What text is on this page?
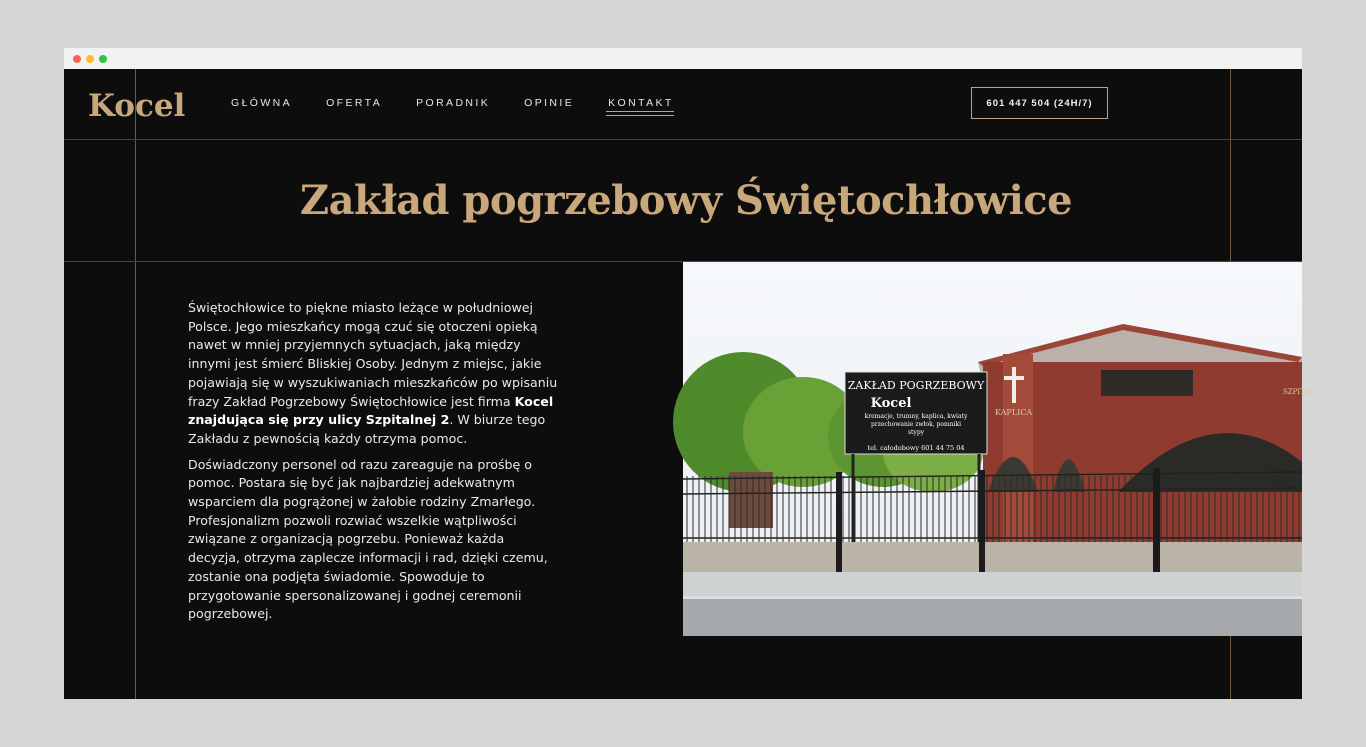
Kocel	GŁÓWNA	OFERTA	PORADNIK	OPINIE	KONTAKT	601 447 504 (24H/7)
Zakład pogrzebowy Świętochłowice

Świętochłowice to piękne miasto leżące w południowej Polsce. Jego mieszkańcy mogą czuć się otoczeni opieką nawet w mniej przyjemnych sytuacjach, jaką między innymi jest śmierć Bliskiej Osoby. Jednym z miejsc, jakie pojawiają się w wyszukiwaniach mieszkańców po wpisaniu frazy Zakład Pogrzebowy Świętochłowice jest firma Kocel znajdująca się przy ulicy Szpitalnej 2. W biurze tego Zakładu z pewnością każdy otrzyma pomoc.

Doświadczony personel od razu zareaguje na prośbę o pomoc. Postara się być jak najbardziej adekwatnym wsparciem dla pogrążonej w żałobie rodziny Zmarłego. Profesjonalizm pozwoli rozwiać wszelkie wątpliwości związane z organizacją pogrzebu. Ponieważ każda decyzja, otrzyma zaplecze informacji i rad, dzięki czemu, zostanie ona podjęta świadomie. Spowoduje to przygotowanie spersonalizowanej i godnej ceremonii pogrzebowej.

KAPLICA
SZPITAL
ZAKŁAD POGRZEBOWY
Kocel
kremacje, trumny, kaplica, kwiaty
przechowanie zwłok, pomniki
stypy
tel. całodobowy 601 44 75 04
